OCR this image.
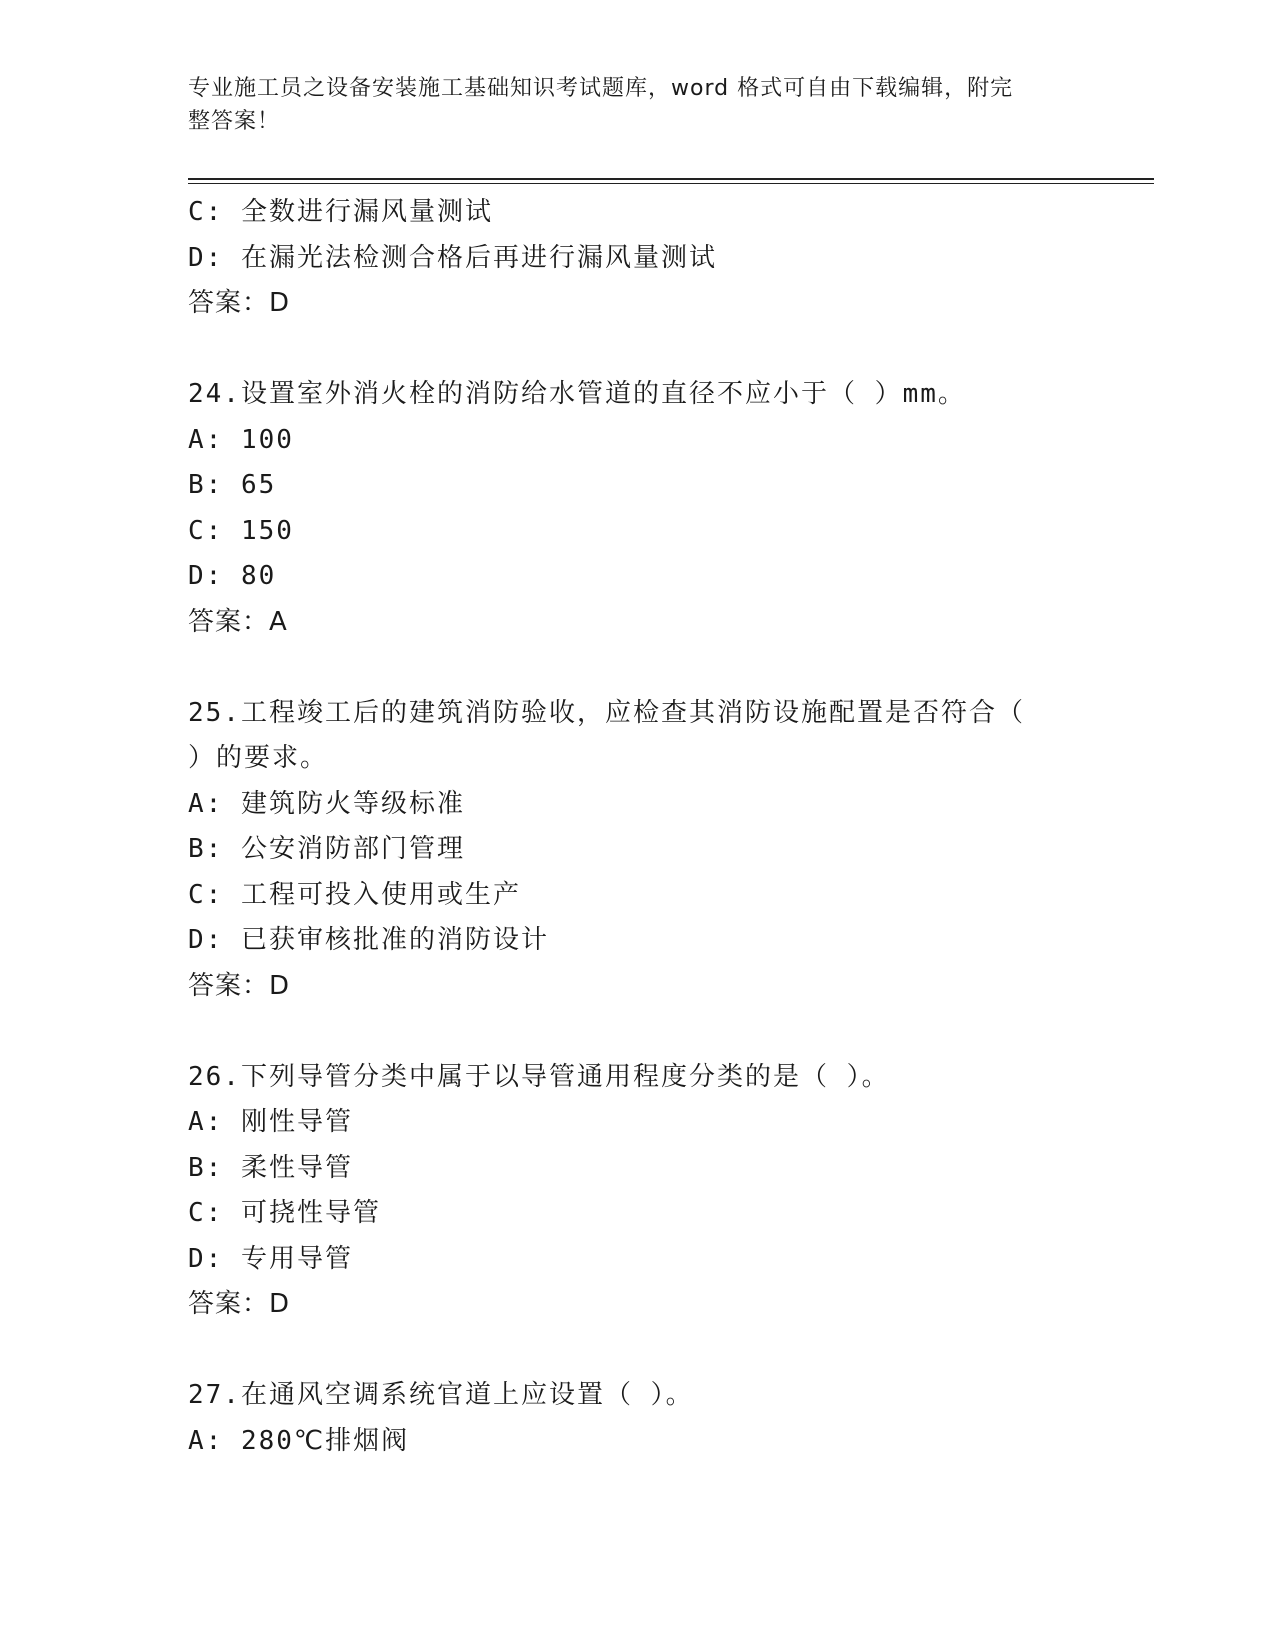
专业施工员之设备安装施工基础知识考试题库，word 格式可自由下载编辑，附完
整答案！
C: 全数进行漏风量测试
D: 在漏光法检测合格后再进行漏风量测试
答案：D
24.设置室外消火栓的消防给水管道的直径不应小于（ ）mm。
A: 100
B: 65
C: 150
D: 80
答案：A
25.工程竣工后的建筑消防验收，应检查其消防设施配置是否符合（
）的要求。
A: 建筑防火等级标准
B: 公安消防部门管理
C: 工程可投入使用或生产
D: 已获审核批准的消防设计
答案：D
26.下列导管分类中属于以导管通用程度分类的是（ ）。
A: 刚性导管
B: 柔性导管
C: 可挠性导管
D: 专用导管
答案：D
27.在通风空调系统官道上应设置（ ）。
A: 280℃排烟阀
